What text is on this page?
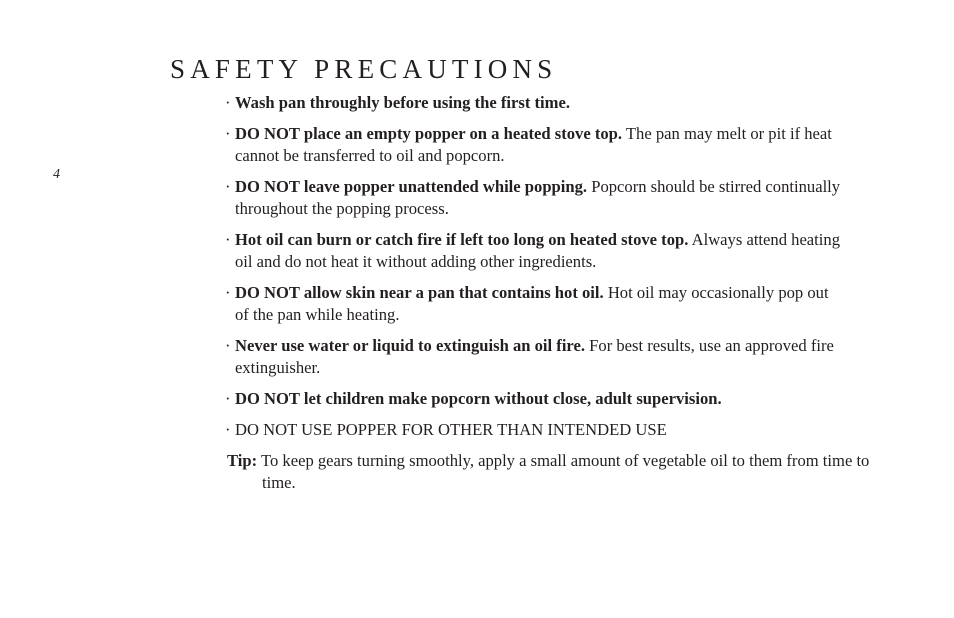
SAFETY PRECAUTIONS
4
· Wash pan throughly before using the first time.
· DO NOT place an empty popper on a heated stove top. The pan may melt or pit if heat cannot be transferred to oil and popcorn.
· DO NOT leave popper unattended while popping. Popcorn should be stirred continually throughout the popping process.
· Hot oil can burn or catch fire if left too long on heated stove top. Always attend heating oil and do not heat it without adding other ingredients.
· DO NOT allow skin near a pan that contains hot oil. Hot oil may occasionally pop out of the pan while heating.
· Never use water or liquid to extinguish an oil fire. For best results, use an approved fire extinguisher.
· DO NOT let children make popcorn without close, adult supervision.
· DO NOT USE POPPER FOR OTHER THAN INTENDED USE

Tip: To keep gears turning smoothly, apply a small amount of vegetable oil to them from time to time.
